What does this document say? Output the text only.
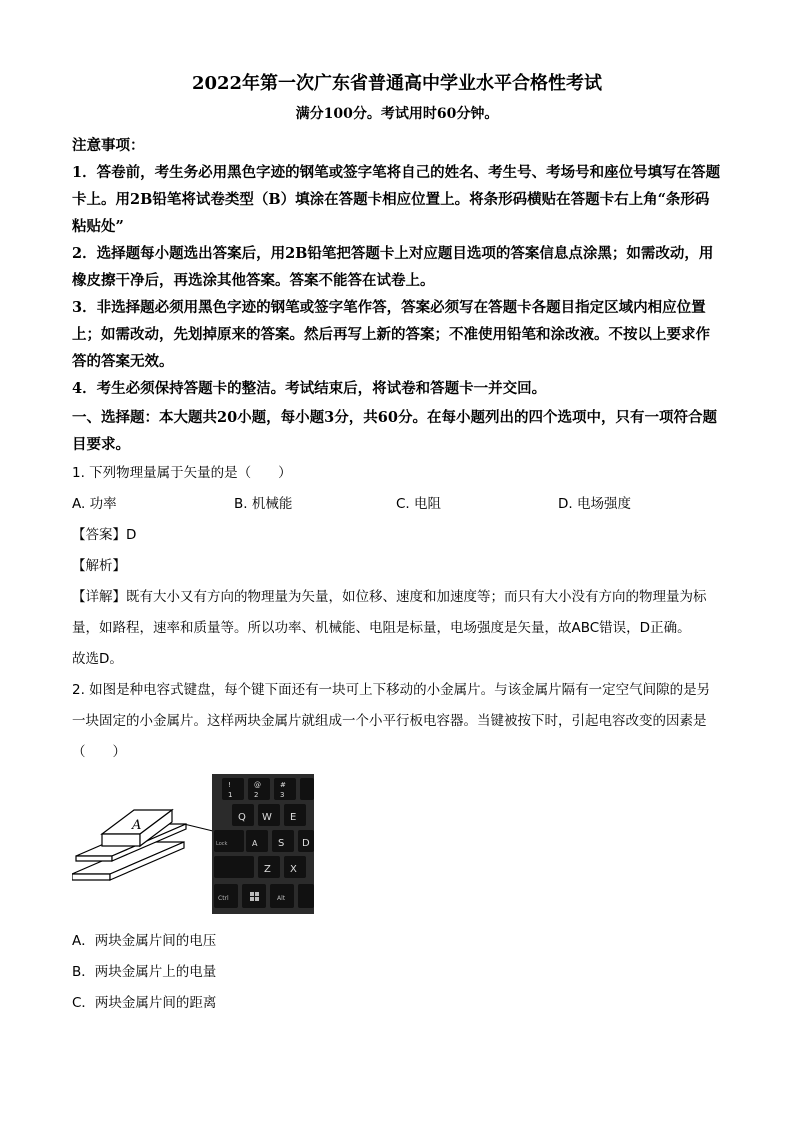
2022年第一次广东省普通高中学业水平合格性考试
满分100分。考试用时60分钟。
注意事项：
1．答卷前，考生务必用黑色字迹的钢笔或签字笔将自己的姓名、考生号、考场号和座位号填写在答题卡上。用2B铅笔将试卷类型（B）填涂在答题卡相应位置上。将条形码横贴在答题卡右上角“条形码粘贴处”
2．选择题每小题选出答案后，用2B铅笔把答题卡上对应题目选项的答案信息点涂黑；如需改动，用橡皮擦干净后，再选涂其他答案。答案不能答在试卷上。
3．非选择题必须用黑色字迹的钢笔或签字笔作答，答案必须写在答题卡各题目指定区域内相应位置上；如需改动，先划掉原来的答案。然后再写上新的答案；不准使用铅笔和涂改液。不按以上要求作答的答案无效。
4．考生必须保持答题卡的整洁。考试结束后，将试卷和答题卡一并交回。
一、选择题：本大题共20小题，每小题3分，共60分。在每小题列出的四个选项中，只有一项符合题目要求。
1. 下列物理量属于矢量的是（　　）
A. 功率	B. 机械能	C. 电阻	D. 电场强度
【答案】D
【解析】
【详解】既有大小又有方向的物理量为矢量，如位移、速度和加速度等；而只有大小没有方向的物理量为标量，如路程，速率和质量等。所以功率、机械能、电阻是标量，电场强度是矢量，故ABC错误，D正确。
故选D。
2. 如图是种电容式键盘，每个键下面还有一块可上下移动的小金属片。与该金属片隔有一定空气间隙的是另一块固定的小金属片。这样两块金属片就组成一个小平行板电容器。当键被按下时，引起电容改变的因素是（　　）
A
!
1
@
2
#
3
Q W E
Lock	A S D
Z X
Ctrl	Alt
A．两块金属片间的电压
B．两块金属片上的电量
C．两块金属片间的距离
